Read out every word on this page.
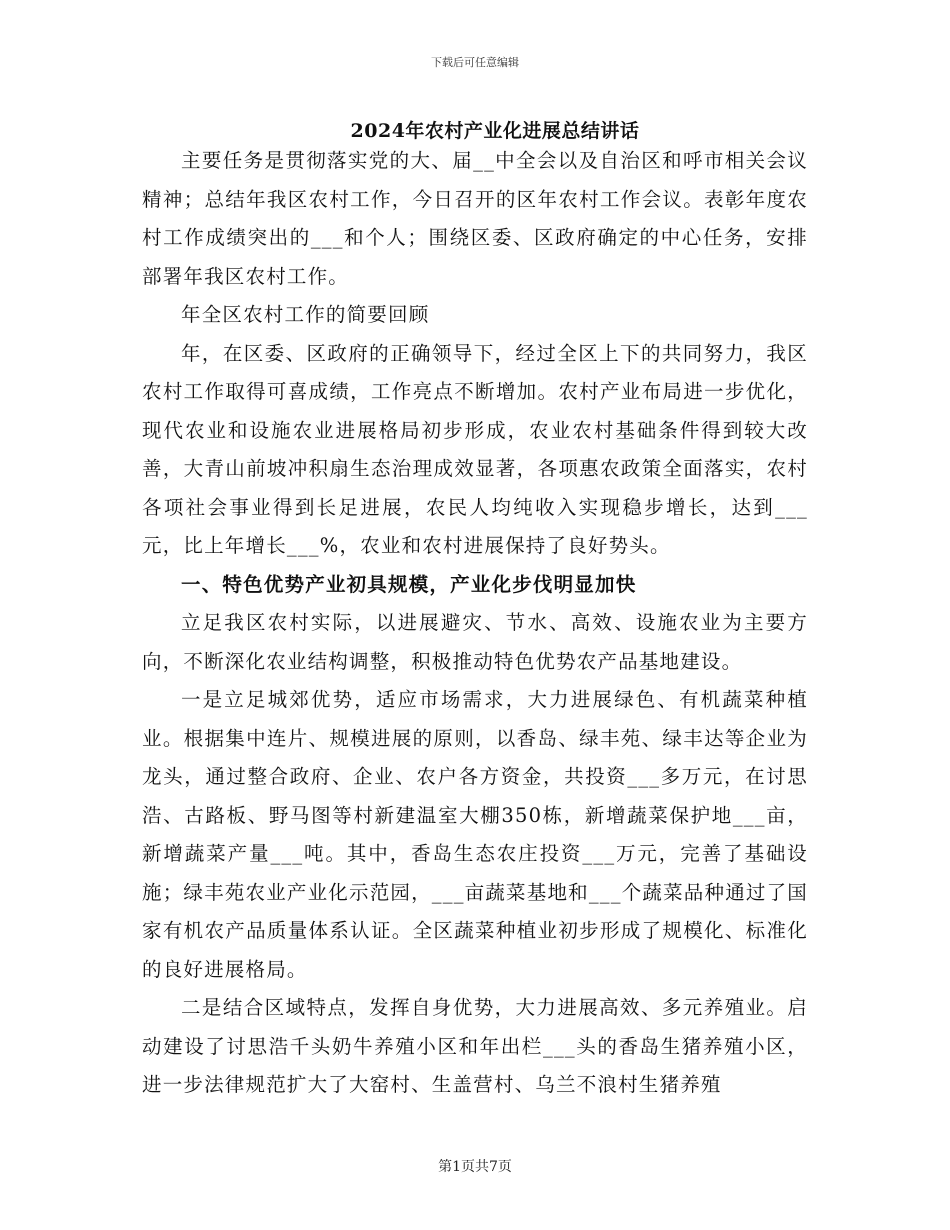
下载后可任意编辑
2024年农村产业化进展总结讲话

主要任务是贯彻落实党的大、届__中全会以及自治区和呼市相关会议精神；总结年我区农村工作，今日召开的区年农村工作会议。表彰年度农村工作成绩突出的___和个人；围绕区委、区政府确定的中心任务，安排部署年我区农村工作。

年全区农村工作的简要回顾

年，在区委、区政府的正确领导下，经过全区上下的共同努力，我区农村工作取得可喜成绩，工作亮点不断增加。农村产业布局进一步优化，现代农业和设施农业进展格局初步形成，农业农村基础条件得到较大改善，大青山前坡冲积扇生态治理成效显著，各项惠农政策全面落实，农村各项社会事业得到长足进展，农民人均纯收入实现稳步增长，达到___元，比上年增长___%，农业和农村进展保持了良好势头。

一、特色优势产业初具规模，产业化步伐明显加快

立足我区农村实际，以进展避灾、节水、高效、设施农业为主要方向，不断深化农业结构调整，积极推动特色优势农产品基地建设。

一是立足城郊优势，适应市场需求，大力进展绿色、有机蔬菜种植业。根据集中连片、规模进展的原则，以香岛、绿丰苑、绿丰达等企业为龙头，通过整合政府、企业、农户各方资金，共投资___多万元，在讨思浩、古路板、野马图等村新建温室大棚350栋，新增蔬菜保护地___亩，新增蔬菜产量___吨。其中，香岛生态农庄投资___万元，完善了基础设施；绿丰苑农业产业化示范园，___亩蔬菜基地和___个蔬菜品种通过了国家有机农产品质量体系认证。全区蔬菜种植业初步形成了规模化、标准化的良好进展格局。

二是结合区域特点，发挥自身优势，大力进展高效、多元养殖业。启动建设了讨思浩千头奶牛养殖小区和年出栏___头的香岛生猪养殖小区，进一步法律规范扩大了大窑村、生盖营村、乌兰不浪村生猪养殖

第1页共7页
